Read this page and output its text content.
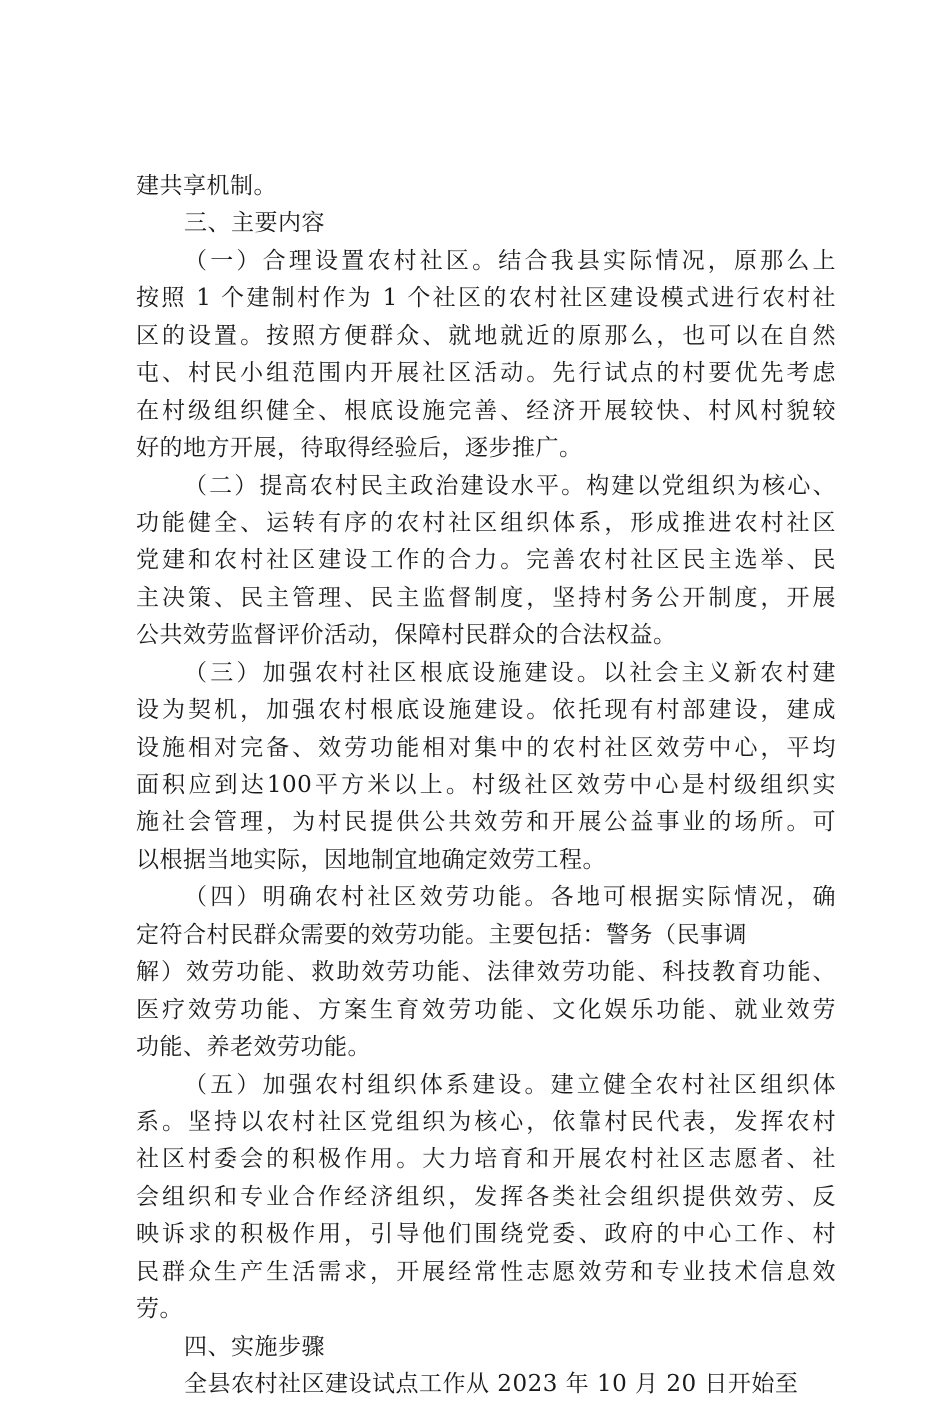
建共享机制。
三、主要内容
（一）合理设置农村社区。结合我县实际情况，原那么上
按照 1 个建制村作为 1 个社区的农村社区建设模式进行农村社
区的设置。按照方便群众、就地就近的原那么，也可以在自然
屯、村民小组范围内开展社区活动。先行试点的村要优先考虑
在村级组织健全、根底设施完善、经济开展较快、村风村貌较
好的地方开展，待取得经验后，逐步推广。
（二）提高农村民主政治建设水平。构建以党组织为核心、
功能健全、运转有序的农村社区组织体系，形成推进农村社区
党建和农村社区建设工作的合力。完善农村社区民主选举、民
主决策、民主管理、民主监督制度，坚持村务公开制度，开展
公共效劳监督评价活动，保障村民群众的合法权益。
（三）加强农村社区根底设施建设。以社会主义新农村建
设为契机，加强农村根底设施建设。依托现有村部建设，建成
设施相对完备、效劳功能相对集中的农村社区效劳中心，平均
面积应到达100平方米以上。村级社区效劳中心是村级组织实
施社会管理，为村民提供公共效劳和开展公益事业的场所。可
以根据当地实际，因地制宜地确定效劳工程。
（四）明确农村社区效劳功能。各地可根据实际情况，确
定符合村民群众需要的效劳功能。主要包括：警务（民事调
解）效劳功能、救助效劳功能、法律效劳功能、科技教育功能、
医疗效劳功能、方案生育效劳功能、文化娱乐功能、就业效劳
功能、养老效劳功能。
（五）加强农村组织体系建设。建立健全农村社区组织体
系。坚持以农村社区党组织为核心，依靠村民代表，发挥农村
社区村委会的积极作用。大力培育和开展农村社区志愿者、社
会组织和专业合作经济组织，发挥各类社会组织提供效劳、反
映诉求的积极作用，引导他们围绕党委、政府的中心工作、村
民群众生产生活需求，开展经常性志愿效劳和专业技术信息效
劳。
四、实施步骤
全县农村社区建设试点工作从 2023 年 10 月 20 日开始至
